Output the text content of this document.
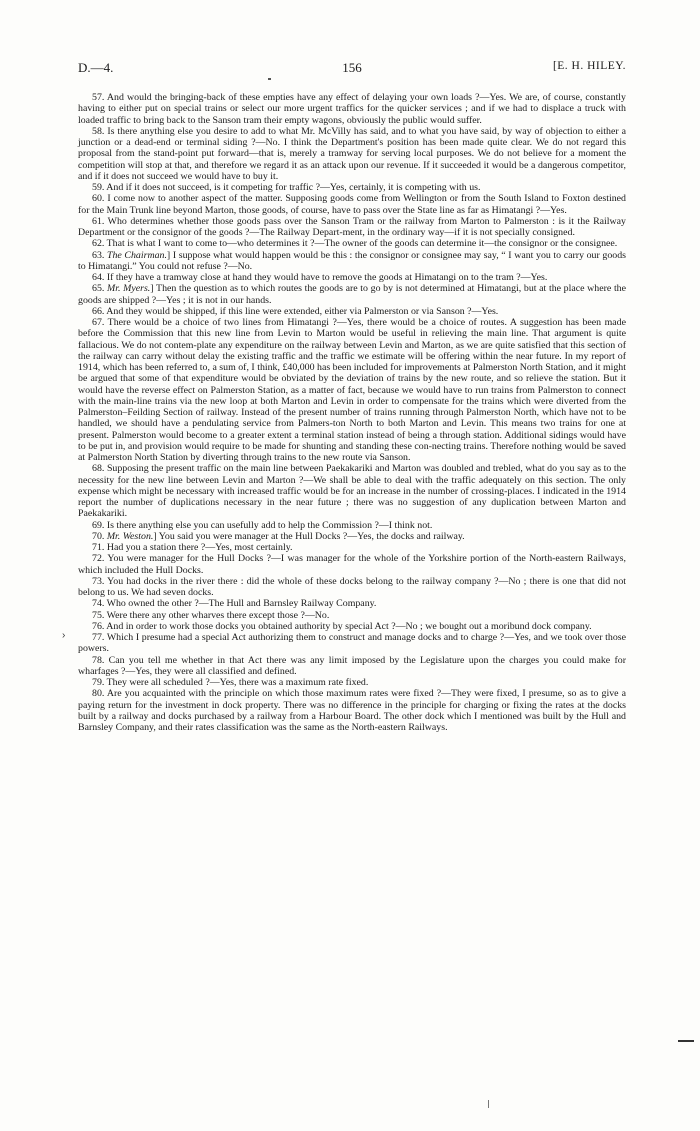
D.—4.	156	[E. H. HILEY.

57. And would the bringing-back of these empties have any effect of delaying your own loads ?—Yes. We are, of course, constantly having to either put on special trains or select our more urgent traffics for the quicker services ; and if we had to displace a truck with loaded traffic to bring back to the Sanson tram their empty wagons, obviously the public would suffer.

58. Is there anything else you desire to add to what Mr. McVilly has said, and to what you have said, by way of objection to either a junction or a dead-end or terminal siding ?—No. I think the Department's position has been made quite clear. We do not regard this proposal from the stand-point put forward—that is, merely a tramway for serving local purposes. We do not believe for a moment the competition will stop at that, and therefore we regard it as an attack upon our revenue. If it succeeded it would be a dangerous competitor, and if it does not succeed we would have to buy it.

59. And if it does not succeed, is it competing for traffic ?—Yes, certainly, it is competing with us.

60. I come now to another aspect of the matter. Supposing goods come from Wellington or from the South Island to Foxton destined for the Main Trunk line beyond Marton, those goods, of course, have to pass over the State line as far as Himatangi ?—Yes.

61. Who determines whether those goods pass over the Sanson Tram or the railway from Marton to Palmerston : is it the Railway Department or the consignor of the goods ?—The Railway Depart-ment, in the ordinary way—if it is not specially consigned.

62. That is what I want to come to—who determines it ?—The owner of the goods can determine it—the consignor or the consignee.

63. The Chairman.] I suppose what would happen would be this : the consignor or consignee may say, “ I want you to carry our goods to Himatangi.” You could not refuse ?—No.

64. If they have a tramway close at hand they would have to remove the goods at Himatangi on to the tram ?—Yes.

65. Mr. Myers.] Then the question as to which routes the goods are to go by is not determined at Himatangi, but at the place where the goods are shipped ?—Yes ; it is not in our hands.

66. And they would be shipped, if this line were extended, either via Palmerston or via Sanson ?—Yes.

67. There would be a choice of two lines from Himatangi ?—Yes, there would be a choice of routes. A suggestion has been made before the Commission that this new line from Levin to Marton would be useful in relieving the main line. That argument is quite fallacious. We do not contem-plate any expenditure on the railway between Levin and Marton, as we are quite satisfied that this section of the railway can carry without delay the existing traffic and the traffic we estimate will be offering within the near future. In my report of 1914, which has been referred to, a sum of, I think, £40,000 has been included for improvements at Palmerston North Station, and it might be argued that some of that expenditure would be obviated by the deviation of trains by the new route, and so relieve the station. But it would have the reverse effect on Palmerston Station, as a matter of fact, because we would have to run trains from Palmerston to connect with the main-line trains via the new loop at both Marton and Levin in order to compensate for the trains which were diverted from the Palmerston–Feilding Section of railway. Instead of the present number of trains running through Palmerston North, which have not to be handled, we should have a pendulating service from Palmers-ton North to both Marton and Levin. This means two trains for one at present. Palmerston would become to a greater extent a terminal station instead of being a through station. Additional sidings would have to be put in, and provision would require to be made for shunting and standing these con-necting trains. Therefore nothing would be saved at Palmerston North Station by diverting through trains to the new route via Sanson.

68. Supposing the present traffic on the main line between Paekakariki and Marton was doubled and trebled, what do you say as to the necessity for the new line between Levin and Marton ?—We shall be able to deal with the traffic adequately on this section. The only expense which might be necessary with increased traffic would be for an increase in the number of crossing-places. I indicated in the 1914 report the number of duplications necessary in the near future ; there was no suggestion of any duplication between Marton and Paekakariki.

69. Is there anything else you can usefully add to help the Commission ?—I think not.

70. Mr. Weston.] You said you were manager at the Hull Docks ?—Yes, the docks and railway.

71. Had you a station there ?—Yes, most certainly.

72. You were manager for the Hull Docks ?—I was manager for the whole of the Yorkshire portion of the North-eastern Railways, which included the Hull Docks.

73. You had docks in the river there : did the whole of these docks belong to the railway company ?—No ; there is one that did not belong to us. We had seven docks.

74. Who owned the other ?—The Hull and Barnsley Railway Company.

75. Were there any other wharves there except those ?—No.

76. And in order to work those docks you obtained authority by special Act ?—No ; we bought out a moribund dock company.

77. Which I presume had a special Act authorizing them to construct and manage docks and to charge ?—Yes, and we took over those powers.

78. Can you tell me whether in that Act there was any limit imposed by the Legislature upon the charges you could make for wharfages ?—Yes, they were all classified and defined.

79. They were all scheduled ?—Yes, there was a maximum rate fixed.

80. Are you acquainted with the principle on which those maximum rates were fixed ?—They were fixed, I presume, so as to give a paying return for the investment in dock property. There was no difference in the principle for charging or fixing the rates at the docks built by a railway and docks purchased by a railway from a Harbour Board. The other dock which I mentioned was built by the Hull and Barnsley Company, and their rates classification was the same as the North-eastern Railways.

›
